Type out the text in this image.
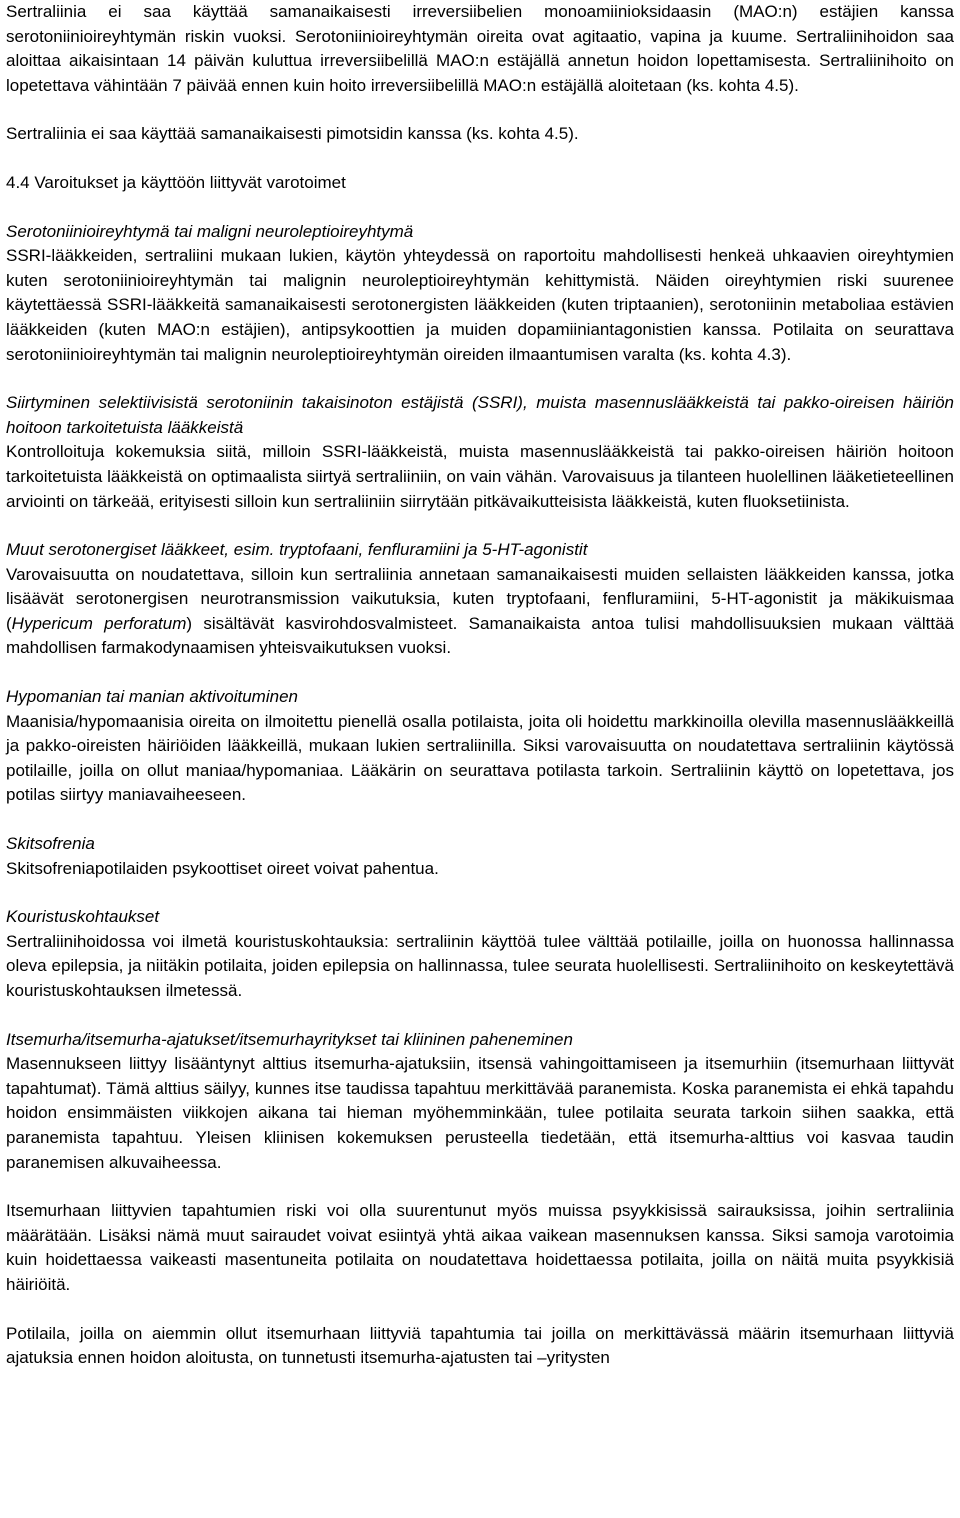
Sertraliinia ei saa käyttää samanaikaisesti irreversiibelien monoamiinioksidaasin (MAO:n) estäjien kanssa serotoniinioireyhtymän riskin vuoksi. Serotoniinioireyhtymän oireita ovat agitaatio, vapina ja kuume. Sertraliinihoidon saa aloittaa aikaisintaan 14 päivän kuluttua irreversiibelillä MAO:n estäjällä annetun hoidon lopettamisesta. Sertraliinihoito on lopetettava vähintään 7 päivää ennen kuin hoito irreversiibelillä MAO:n estäjällä aloitetaan (ks. kohta 4.5).

Sertraliinia ei saa käyttää samanaikaisesti pimotsidin kanssa (ks. kohta 4.5).

4.4 Varoitukset ja käyttöön liittyvät varotoimet

Serotoniinioireyhtymä tai maligni neuroleptioireyhtymä

SSRI-lääkkeiden, sertraliini mukaan lukien, käytön yhteydessä on raportoitu mahdollisesti henkeä uhkaavien oireyhtymien kuten serotoniinioireyhtymän tai malignin neuroleptioireyhtymän kehittymistä. Näiden oireyhtymien riski suurenee käytettäessä SSRI-lääkkeitä samanaikaisesti serotonergisten lääkkeiden (kuten triptaanien), serotoniinin metaboliaa estävien lääkkeiden (kuten MAO:n estäjien), antipsykoottien ja muiden dopamiiniantagonistien kanssa. Potilaita on seurattava serotoniinioireyhtymän tai malignin neuroleptioireyhtymän oireiden ilmaantumisen varalta (ks. kohta 4.3).

Siirtyminen selektiivisistä serotoniinin takaisinoton estäjistä (SSRI), muista masennuslääkkeistä tai pakko-oireisen häiriön hoitoon tarkoitetuista lääkkeistä

Kontrolloituja kokemuksia siitä, milloin SSRI-lääkkeistä, muista masennuslääkkeistä tai pakko-oireisen häiriön hoitoon tarkoitetuista lääkkeistä on optimaalista siirtyä sertraliiniin, on vain vähän. Varovaisuus ja tilanteen huolellinen lääketieteellinen arviointi on tärkeää, erityisesti silloin kun sertraliiniin siirrytään pitkävaikutteisista lääkkeistä, kuten fluoksetiinista.

Muut serotonergiset lääkkeet, esim. tryptofaani, fenfluramiini ja 5-HT-agonistit

Varovaisuutta on noudatettava, silloin kun sertraliinia annetaan samanaikaisesti muiden sellaisten lääkkeiden kanssa, jotka lisäävät serotonergisen neurotransmission vaikutuksia, kuten tryptofaani, fenfluramiini, 5-HT-agonistit ja mäkikuismaa (Hypericum perforatum) sisältävät kasvirohdosvalmisteet. Samanaikaista antoa tulisi mahdollisuuksien mukaan välttää mahdollisen farmakodynaamisen yhteisvaikutuksen vuoksi.

Hypomanian tai manian aktivoituminen

Maanisia/hypomaanisia oireita on ilmoitettu pienellä osalla potilaista, joita oli hoidettu markkinoilla olevilla masennuslääkkeillä ja pakko-oireisten häiriöiden lääkkeillä, mukaan lukien sertraliinilla. Siksi varovaisuutta on noudatettava sertraliinin käytössä potilaille, joilla on ollut maniaa/hypomaniaa. Lääkärin on seurattava potilasta tarkoin. Sertraliinin käyttö on lopetettava, jos potilas siirtyy maniavaiheeseen.

Skitsofrenia

Skitsofreniapotilaiden psykoottiset oireet voivat pahentua.

Kouristuskohtaukset

Sertraliinihoidossa voi ilmetä kouristuskohtauksia: sertraliinin käyttöä tulee välttää potilaille, joilla on huonossa hallinnassa oleva epilepsia, ja niitäkin potilaita, joiden epilepsia on hallinnassa, tulee seurata huolellisesti. Sertraliinihoito on keskeytettävä kouristuskohtauksen ilmetessä.

Itsemurha/itsemurha-ajatukset/itsemurhayritykset tai kliininen paheneminen

Masennukseen liittyy lisääntynyt alttius itsemurha-ajatuksiin, itsensä vahingoittamiseen ja itsemurhiin (itsemurhaan liittyvät tapahtumat). Tämä alttius säilyy, kunnes itse taudissa tapahtuu merkittävää paranemista. Koska paranemista ei ehkä tapahdu hoidon ensimmäisten viikkojen aikana tai hieman myöhemminkään, tulee potilaita seurata tarkoin siihen saakka, että paranemista tapahtuu. Yleisen kliinisen kokemuksen perusteella tiedetään, että itsemurha-alttius voi kasvaa taudin paranemisen alkuvaiheessa.

Itsemurhaan liittyvien tapahtumien riski voi olla suurentunut myös muissa psyykkisissä sairauksissa, joihin sertraliinia määrätään. Lisäksi nämä muut sairaudet voivat esiintyä yhtä aikaa vaikean masennuksen kanssa. Siksi samoja varotoimia kuin hoidettaessa vaikeasti masentuneita potilaita on noudatettava hoidettaessa potilaita, joilla on näitä muita psyykkisiä häiriöitä.

Potilaila, joilla on aiemmin ollut itsemurhaan liittyviä tapahtumia tai joilla on merkittävässä määrin itsemurhaan liittyviä ajatuksia ennen hoidon aloitusta, on tunnetusti itsemurha-ajatusten tai –yritysten
